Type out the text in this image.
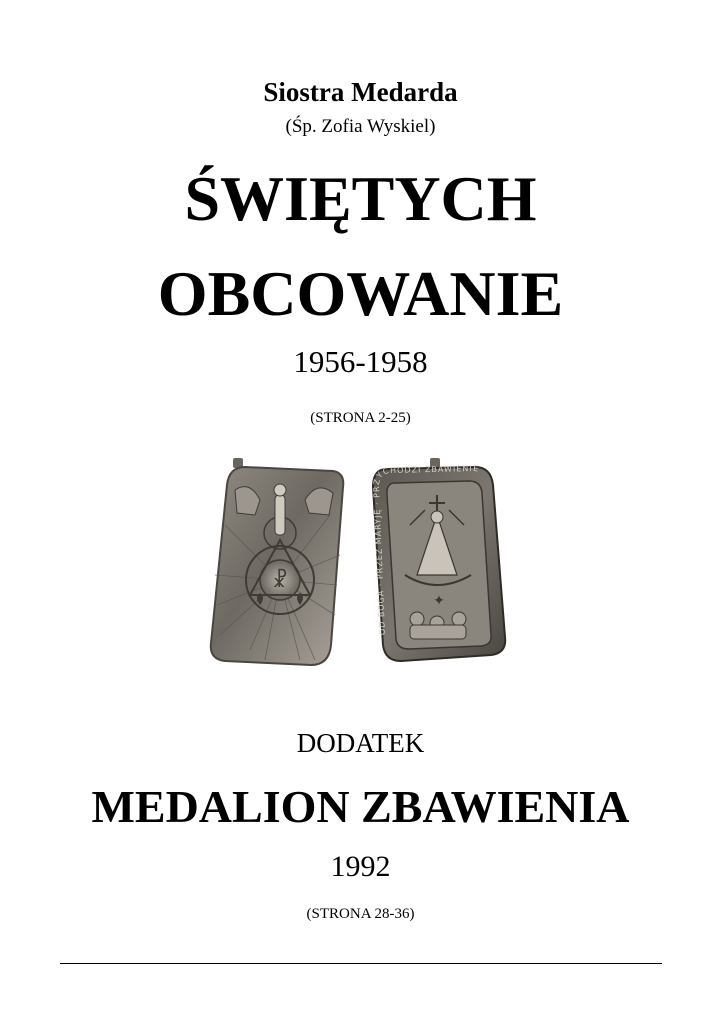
Siostra Medarda
(Śp. Zofia Wyskiel)
ŚWIĘTYCH
OBCOWANIE
1956-1958
(STRONA 2-25)
☧
OD BOGA · PRZEZ MARYJĘ · PRZYCHODZI ZBAWIENIE
✦
DODATEK
MEDALION ZBAWIENIA
1992
(STRONA 28-36)
